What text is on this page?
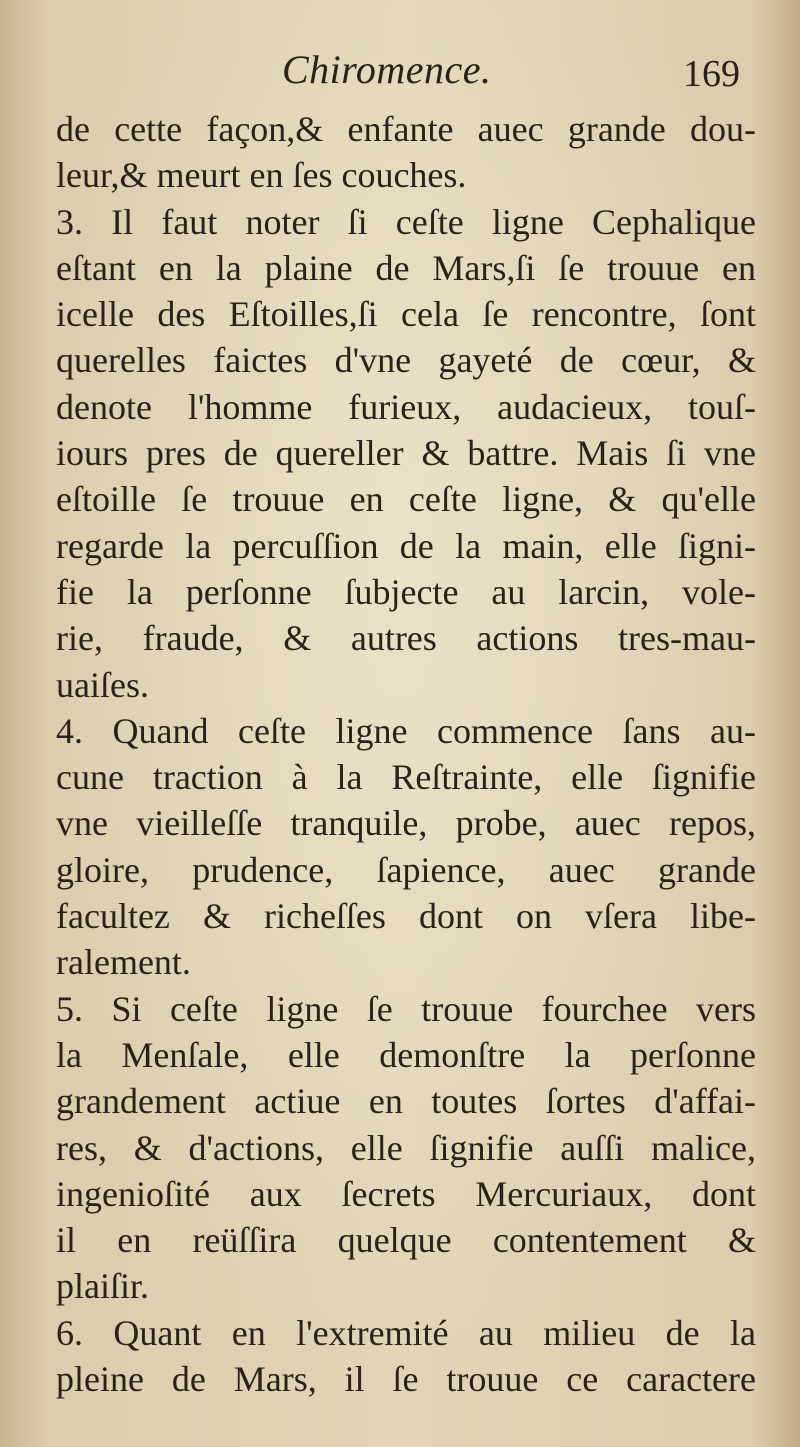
Chiromence.	169
de cette façon,& enfante auec grande dou-
leur,& meurt en ſes couches.
3. Il faut noter ſi ceſte ligne Cephalique
eſtant en la plaine de Mars,ſi ſe trouue en
icelle des Eſtoilles,ſi cela ſe rencontre, ſont
querelles faictes d'vne gayeté de cœur, &
denote l'homme furieux, audacieux, touſ-
iours pres de quereller & battre. Mais ſi vne
eſtoille ſe trouue en ceſte ligne, & qu'elle
regarde la percuſſion de la main, elle ſigni-
fie la perſonne ſubjecte au larcin, vole-
rie, fraude, & autres actions tres-mau-
uaiſes.
4. Quand ceſte ligne commence ſans au-
cune traction à la Reſtrainte, elle ſignifie
vne vieilleſſe tranquile, probe, auec repos,
gloire, prudence, ſapience, auec grande
facultez & richeſſes dont on vſera libe-
ralement.
5. Si ceſte ligne ſe trouue fourchee vers
la Menſale, elle demonſtre la perſonne
grandement actiue en toutes ſortes d'affai-
res, & d'actions, elle ſignifie auſſi malice,
ingenioſité aux ſecrets Mercuriaux, dont
il en reüſſira quelque contentement &
plaiſir.
6. Quant en l'extremité au milieu de la
pleine de Mars, il ſe trouue ce caractere
